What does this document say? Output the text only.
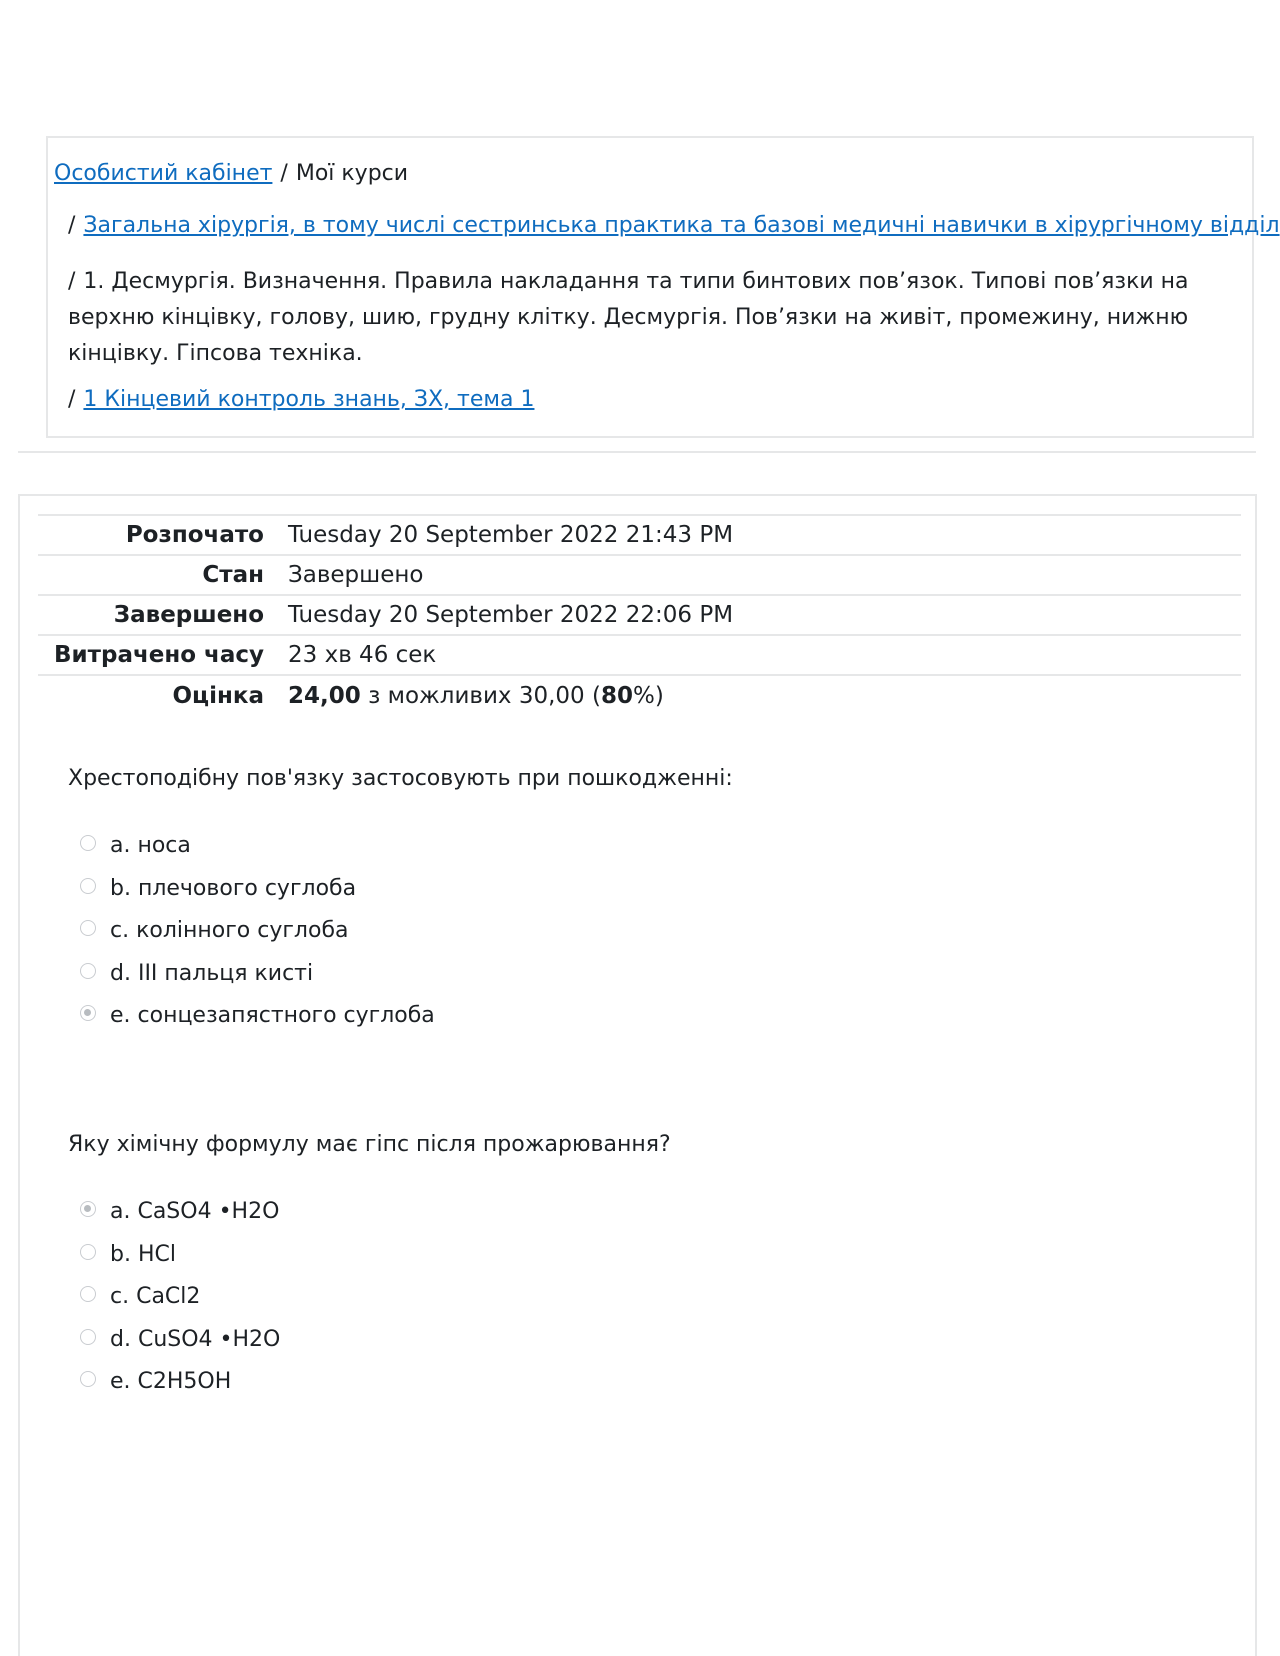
Особистий кабінет / Мої курси
/ Загальна хірургія, в тому числі сестринська практика та базові медичні навички в хірургічному відділ
/ 1. Десмургія. Визначення. Правила накладання та типи бинтових пов’язок. Типові пов’язки на верхню кінцівку, голову, шию, грудну клітку. Десмургія. Пов’язки на живіт, промежину, нижню кінцівку. Гіпсова техніка.
/ 1 Кінцевий контроль знань, ЗХ, тема 1
Розпочато	Tuesday 20 September 2022 21:43 PM
Стан	Завершено
Завершено	Tuesday 20 September 2022 22:06 PM
Витрачено часу	23 хв 46 сек
Оцінка	24,00 з можливих 30,00 (80%)
Хрестоподібну пов'язку застосовують при пошкодженні:
a. носа
b. плечового суглоба
c. колінного суглоба
d. III пальця кисті
e. сонцезапястного суглоба
Яку хімічну формулу має гіпс після прожарювання?
a. CaSO4 •H2O
b. HCl
c. CaCl2
d. CuSO4 •H2O
e. C2H5OH
